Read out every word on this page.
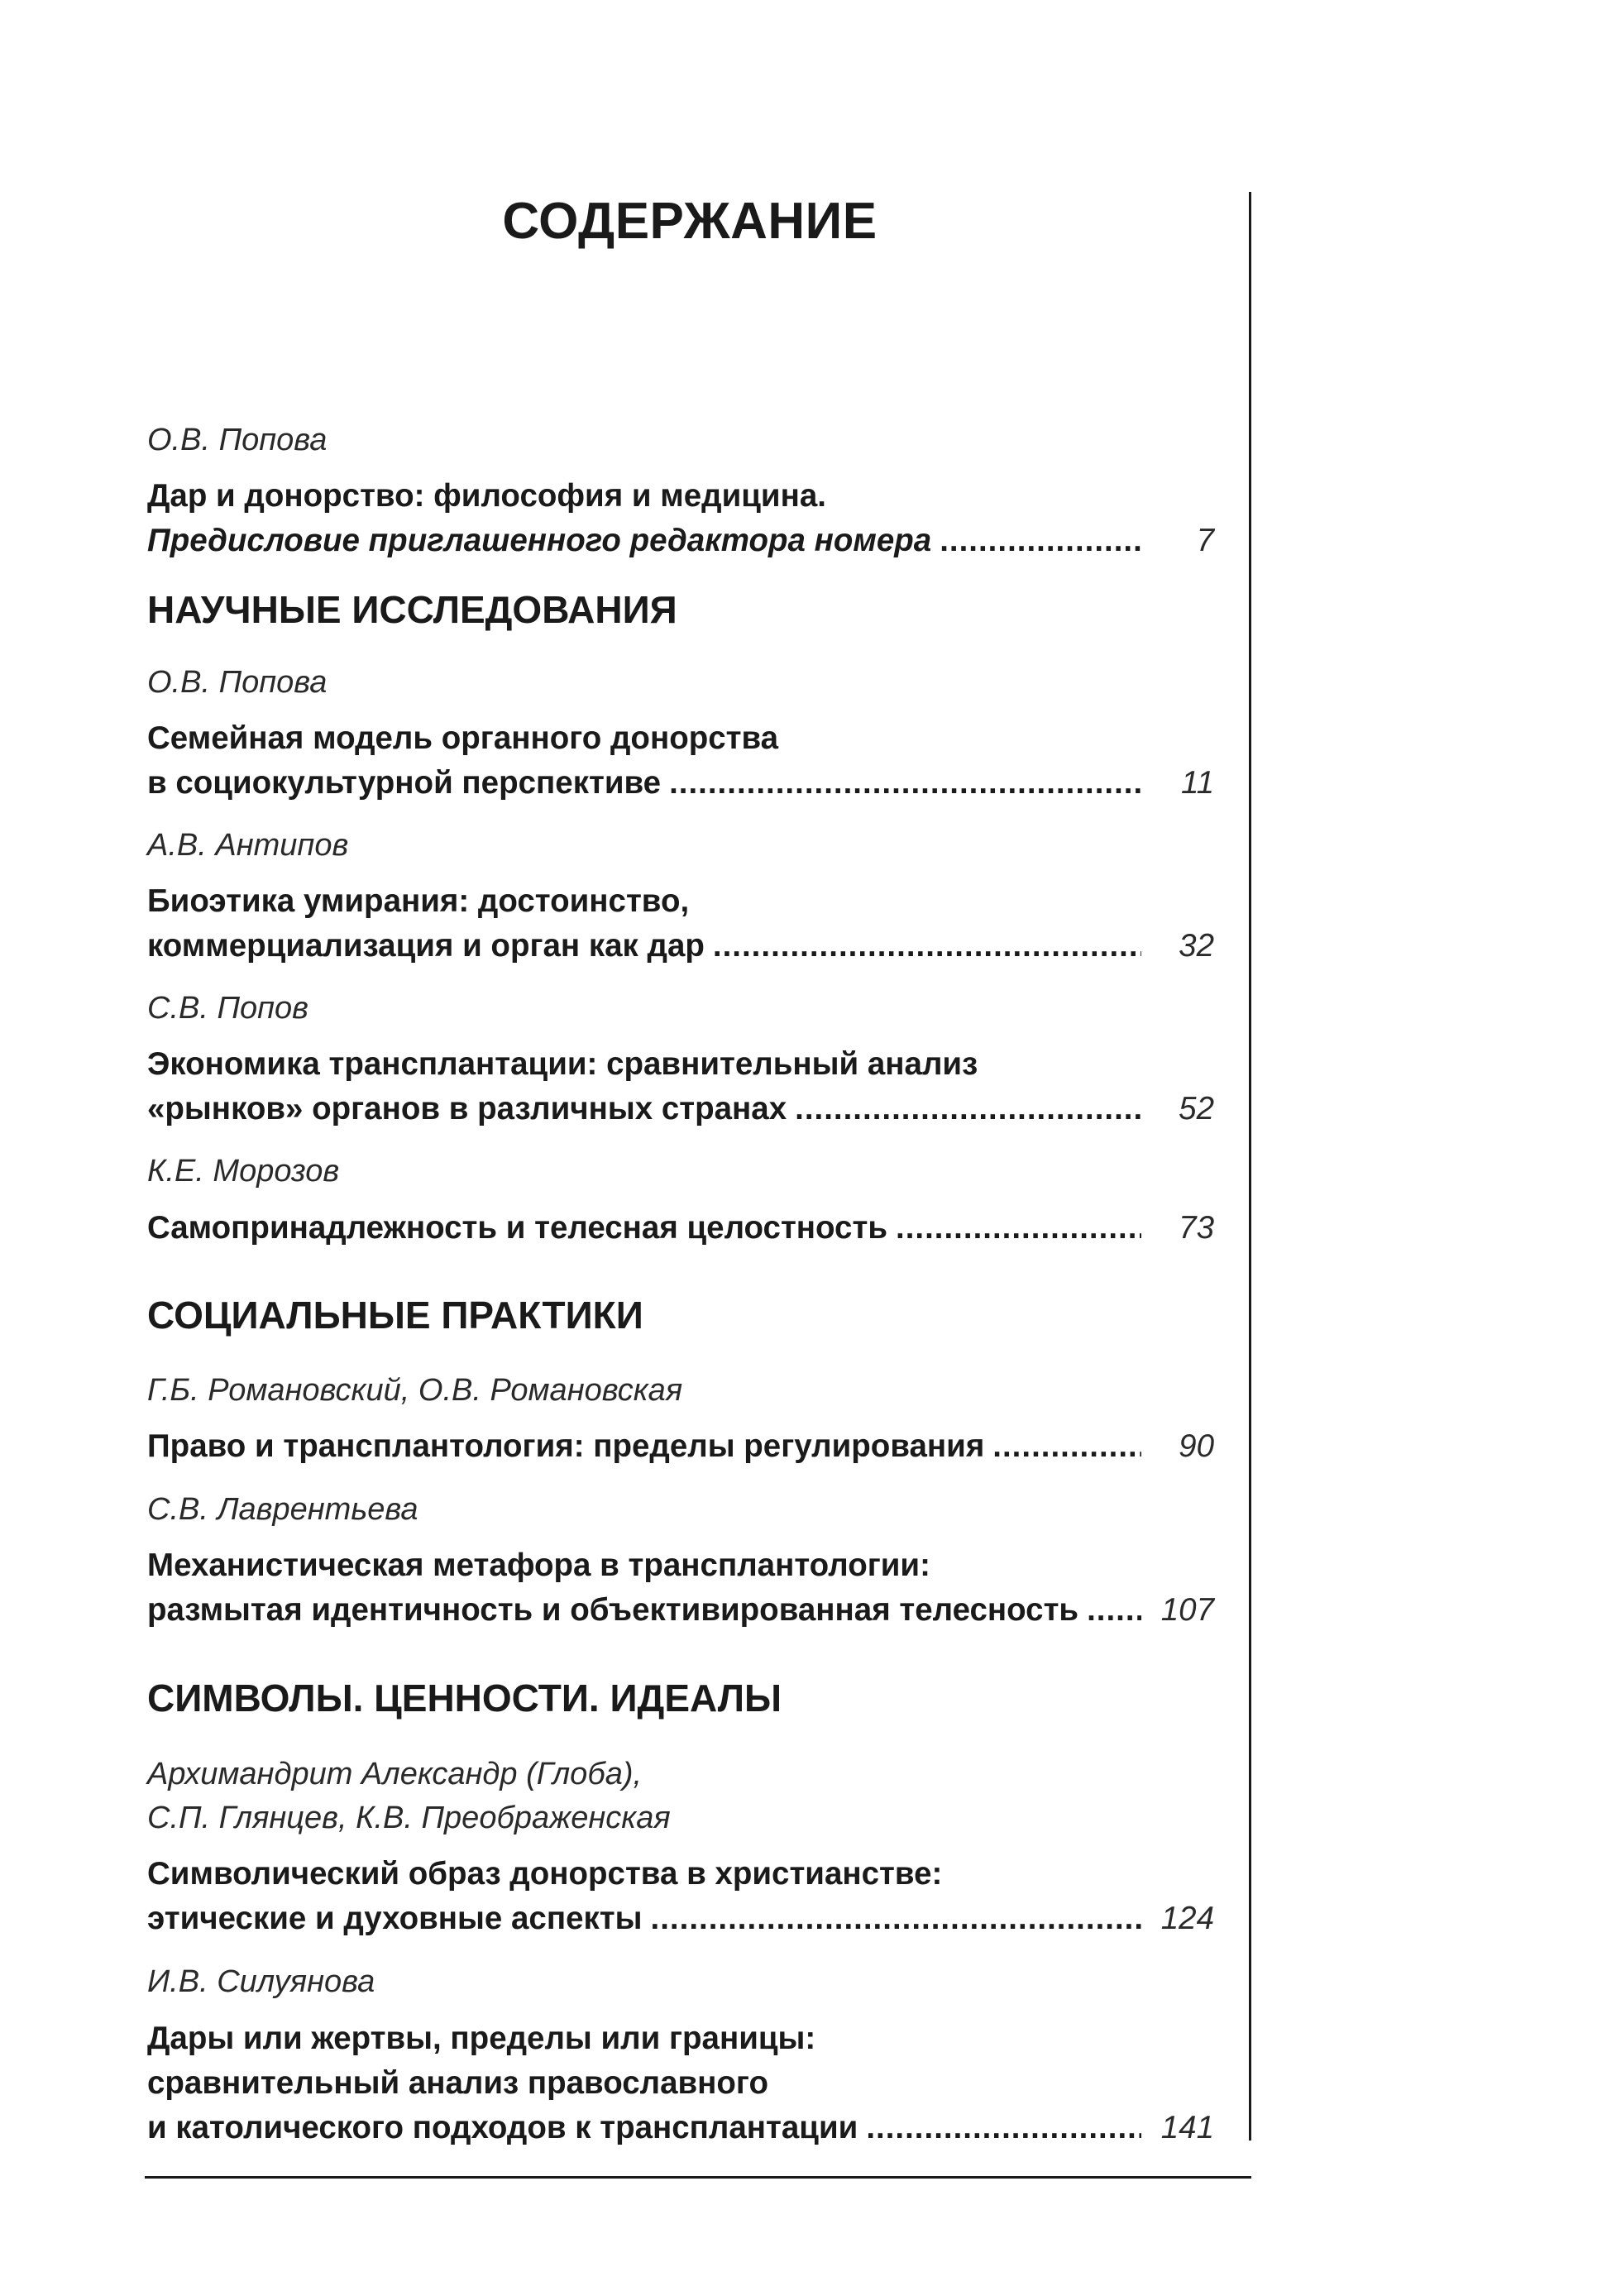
СОДЕРЖАНИЕ
О.В. Попова
Дар и донорство: философия и медицина.
Предисловие приглашенного редактора номера .....	7
НАУЧНЫЕ ИССЛЕДОВАНИЯ
О.В. Попова
Семейная модель органного донорства
в социокультурной перспективе .....	11
А.В. Антипов
Биоэтика умирания: достоинство,
коммерциализация и орган как дар .....	32
С.В. Попов
Экономика трансплантации: сравнительный анализ
«рынков» органов в различных странах .....	52
К.Е. Морозов
Самопринадлежность и телесная целостность .....	73
СОЦИАЛЬНЫЕ ПРАКТИКИ
Г.Б. Романовский, О.В. Романовская
Право и трансплантология: пределы регулирования .....	90
С.В. Лаврентьева
Механистическая метафора в трансплантологии:
размытая идентичность и объективированная телесность .....	107
СИМВОЛЫ. ЦЕННОСТИ. ИДЕАЛЫ
Архимандрит Александр (Глоба),
С.П. Глянцев, К.В. Преображенская
Символический образ донорства в христианстве:
этические и духовные аспекты .....	124
И.В. Силуянова
Дары или жертвы, пределы или границы:
сравнительный анализ православного
и католического подходов к трансплантации .....	141
